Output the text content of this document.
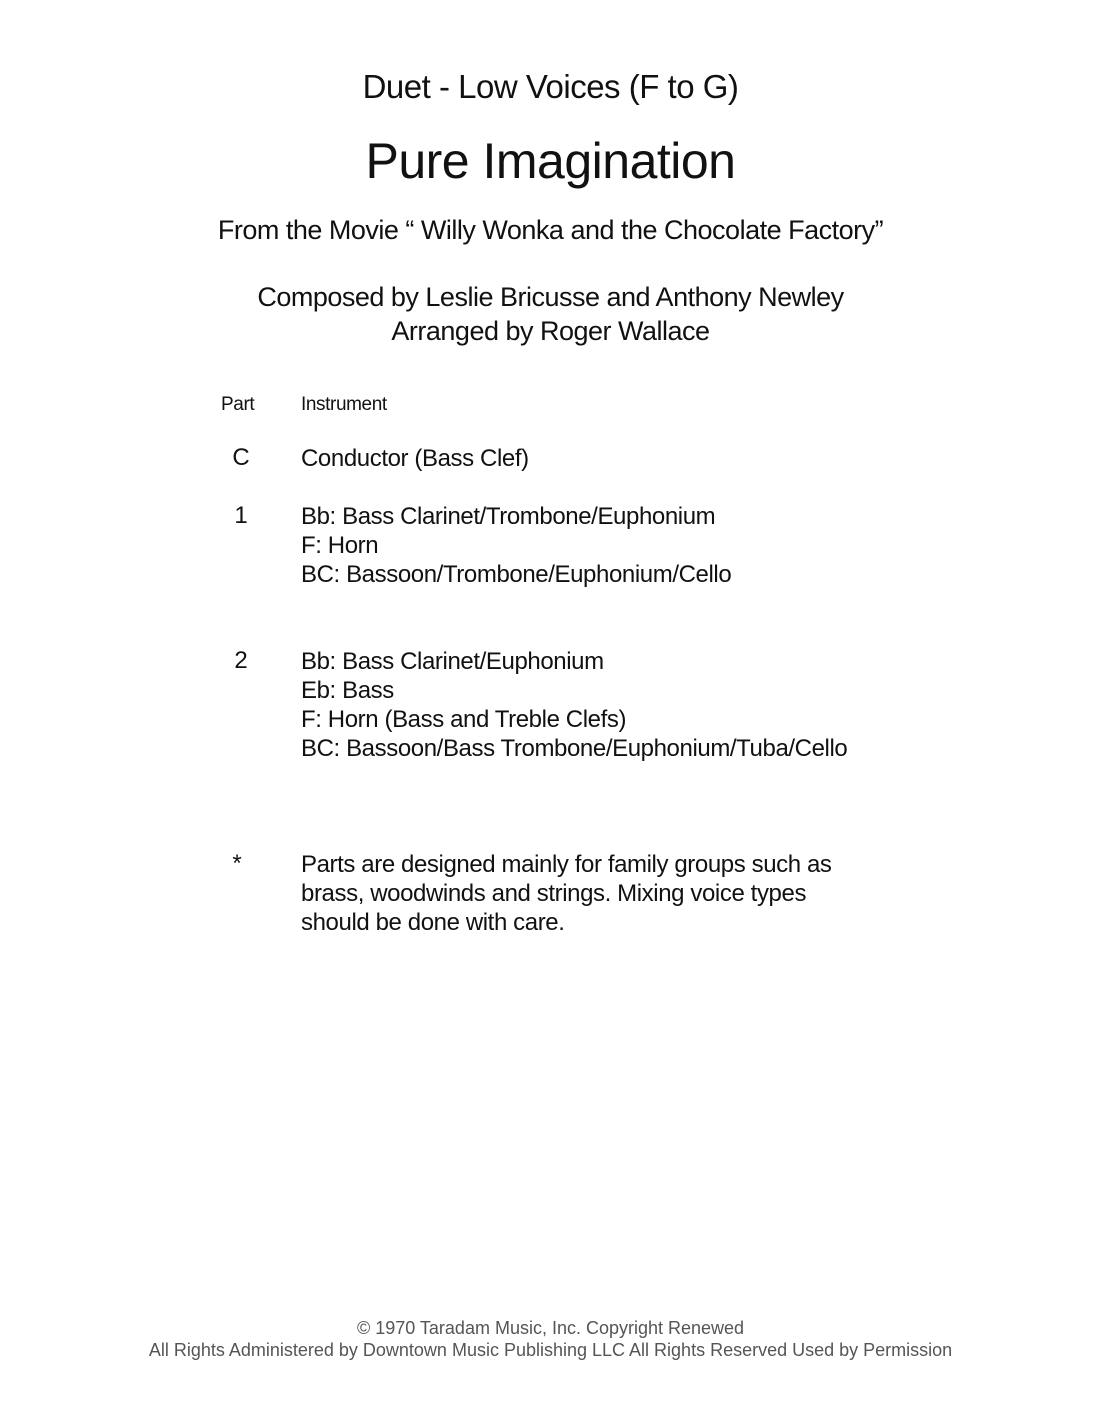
Duet - Low Voices (F to G)
Pure Imagination
From the Movie “ Willy Wonka and the Chocolate Factory”
Composed by Leslie Bricusse and Anthony Newley
Arranged by Roger Wallace
Part Instrument
C	Conductor (Bass Clef)
1	Bb: Bass Clarinet/Trombone/Euphonium
F: Horn
BC: Bassoon/Trombone/Euphonium/Cello
2	Bb: Bass Clarinet/Euphonium
Eb: Bass
F: Horn (Bass and Treble Clefs)
BC: Bassoon/Bass Trombone/Euphonium/Tuba/Cello
*	Parts are designed mainly for family groups such as
brass, woodwinds and strings. Mixing voice types
should be done with care.
© 1970 Taradam Music, Inc. Copyright Renewed
All Rights Administered by Downtown Music Publishing LLC All Rights Reserved Used by Permission
